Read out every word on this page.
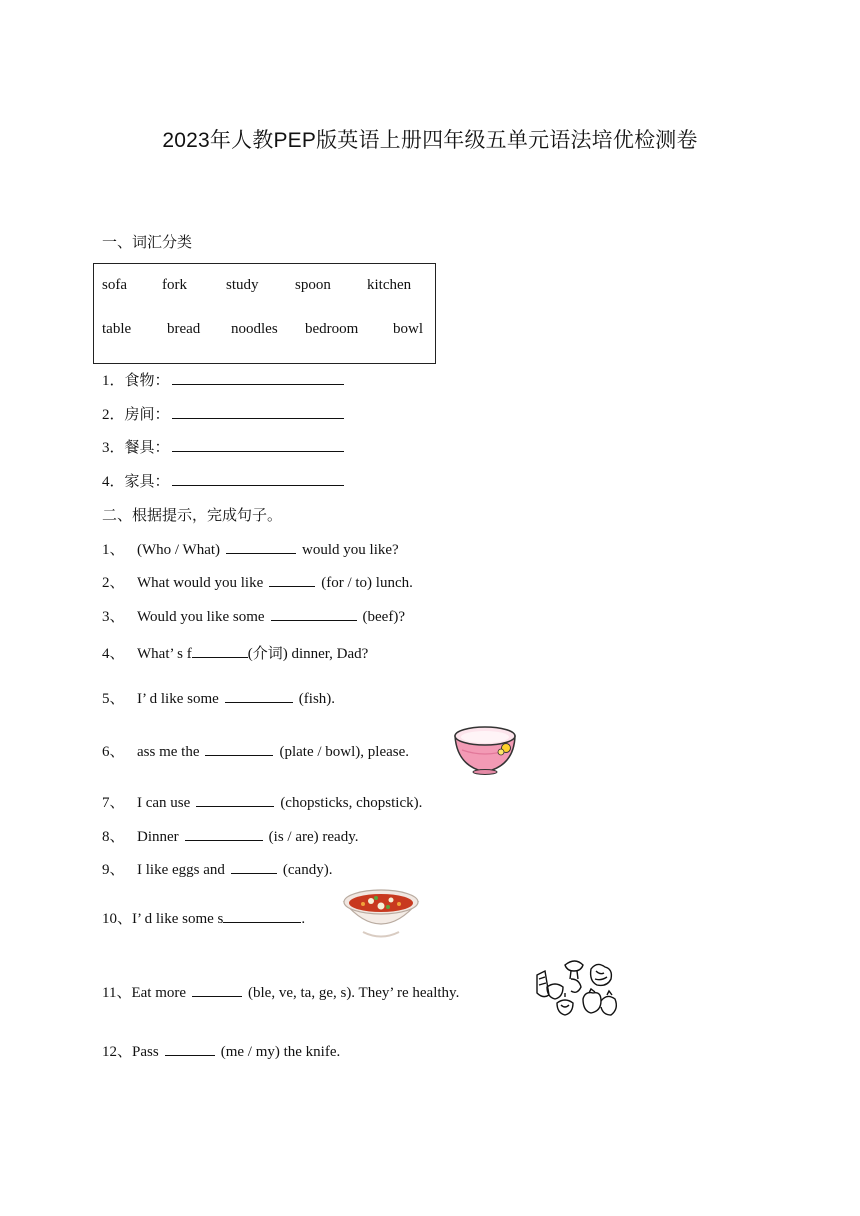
2023年人教PEP版英语上册四年级五单元语法培优检测卷
一、词汇分类
sofa fork	study spoon kitchen
table bread noodles bedroom bowl
1． 食物：
2． 房间：
3． 餐具：
4． 家具：
二、根据提示，完成句子。
1、 (Who / What)	would you like?
2、 What would you like	(for / to) lunch.
3、 Would you like some	(beef)?
4、 What’ s f	(介词) dinner, Dad?
5、 I’ d like some	(fish).
6、 ass me the	(plate / bowl), please.
7、 I can use	(chopsticks, chopstick).
8、 Dinner	(is / are) ready.
9、 I like eggs and	(candy).
10、 I’ d like some s	.
11、 Eat more	(ble, ve, ta, ge, s). They’ re healthy.
12、 Pass	(me / my) the knife.
